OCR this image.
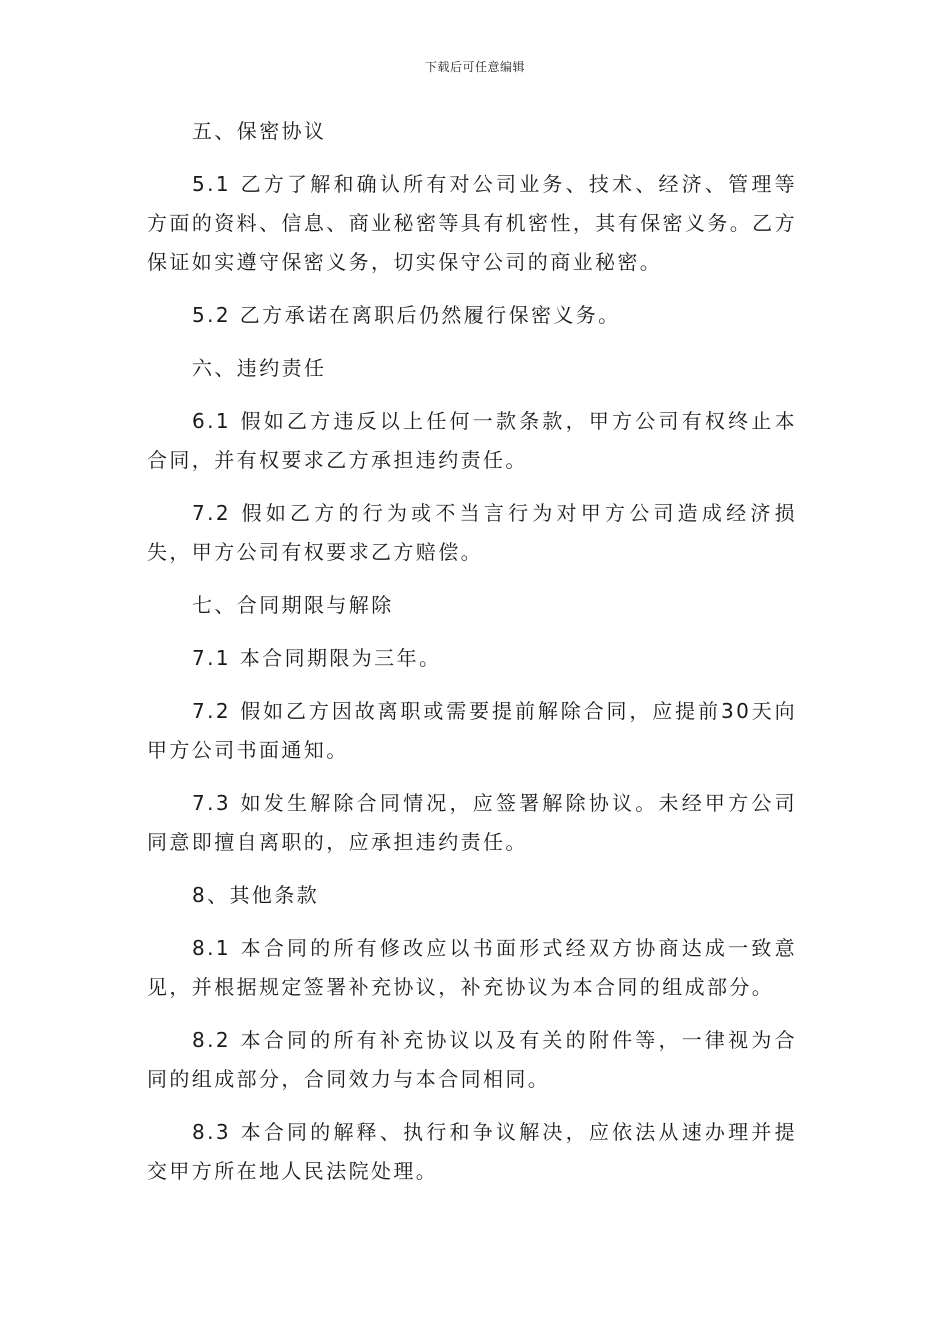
下载后可任意编辑

五、保密协议

5.1 乙方了解和确认所有对公司业务、技术、经济、管理等方面的资料、信息、商业秘密等具有机密性，其有保密义务。乙方保证如实遵守保密义务，切实保守公司的商业秘密。

5.2 乙方承诺在离职后仍然履行保密义务。

六、违约责任

6.1 假如乙方违反以上任何一款条款，甲方公司有权终止本合同，并有权要求乙方承担违约责任。

7.2 假如乙方的行为或不当言行为对甲方公司造成经济损失，甲方公司有权要求乙方赔偿。

七、合同期限与解除

7.1 本合同期限为三年。

7.2 假如乙方因故离职或需要提前解除合同，应提前30天向甲方公司书面通知。

7.3 如发生解除合同情况，应签署解除协议。未经甲方公司同意即擅自离职的，应承担违约责任。

8、其他条款

8.1 本合同的所有修改应以书面形式经双方协商达成一致意见，并根据规定签署补充协议，补充协议为本合同的组成部分。

8.2 本合同的所有补充协议以及有关的附件等，一律视为合同的组成部分，合同效力与本合同相同。

8.3 本合同的解释、执行和争议解决，应依法从速办理并提交甲方所在地人民法院处理。
